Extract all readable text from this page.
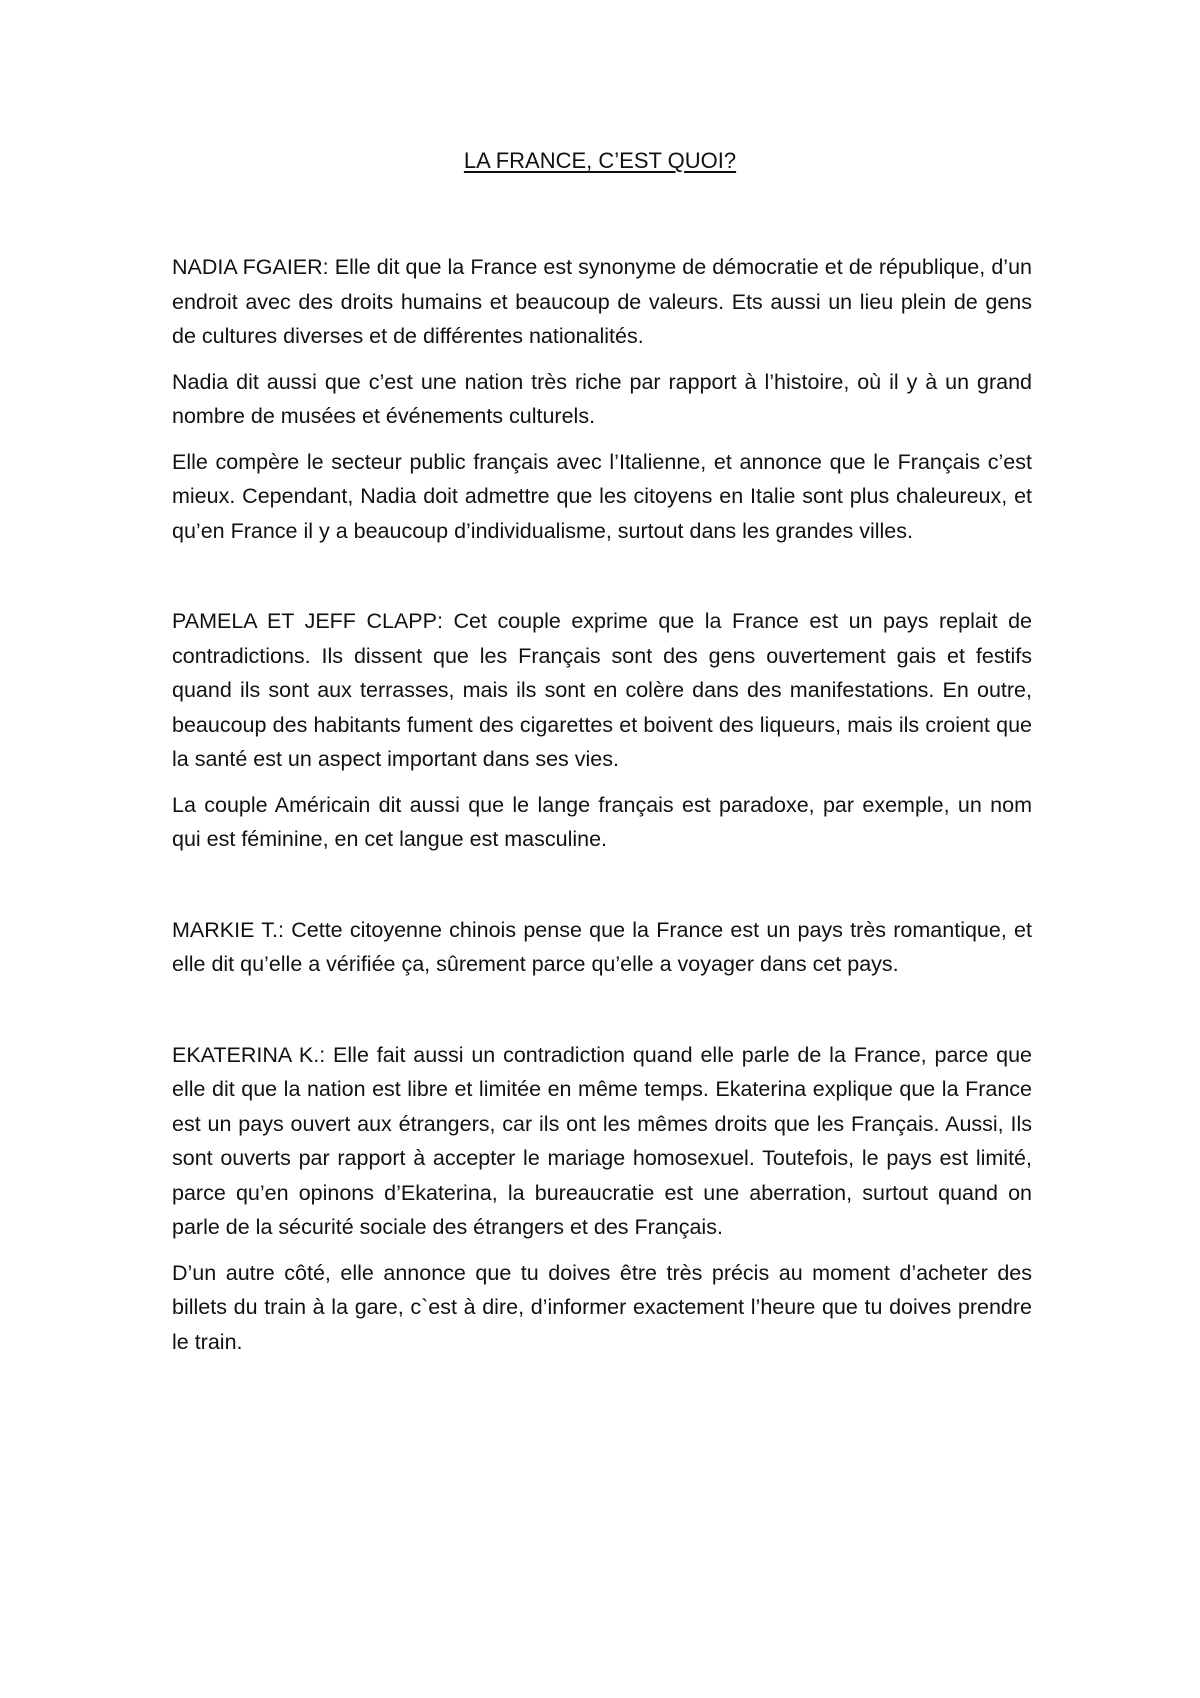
LA FRANCE, C’EST QUOI?

NADIA FGAIER: Elle dit que la France est synonyme de démocratie et de république, d’un endroit avec des droits humains et beaucoup de valeurs. Ets aussi un lieu plein de gens de cultures diverses et de différentes nationalités.

Nadia dit aussi que c’est une nation très riche par rapport à l’histoire, où il y à un grand nombre de musées et événements culturels.

Elle compère le secteur public français avec l’Italienne, et annonce que le Français c’est mieux. Cependant, Nadia doit admettre que les citoyens en Italie sont plus chaleureux, et qu’en France il y a beaucoup d’individualisme, surtout dans les grandes villes.

PAMELA ET JEFF CLAPP: Cet couple exprime que la France est un pays replait de contradictions. Ils dissent que les Français sont des gens ouvertement gais et festifs quand ils sont aux terrasses, mais ils sont en colère dans des manifestations. En outre, beaucoup des habitants fument des cigarettes et boivent des liqueurs, mais ils croient que la santé est un aspect important dans ses vies.

La couple Américain dit aussi que le lange français est paradoxe, par exemple, un nom qui est féminine, en cet langue est masculine.

MARKIE T.: Cette citoyenne chinois pense que la France est un pays très romantique, et elle dit qu’elle a vérifiée ça, sûrement parce qu’elle a voyager dans cet pays.

EKATERINA K.: Elle fait aussi un contradiction quand elle parle de la France, parce que elle dit que la nation est libre et limitée en même temps. Ekaterina explique que la France est un pays ouvert aux étrangers, car ils ont les mêmes droits que les Français. Aussi, Ils sont ouverts par rapport à accepter le mariage homosexuel. Toutefois, le pays est limité, parce qu’en opinons d’Ekaterina, la bureaucratie est une aberration, surtout quand on parle de la sécurité sociale des étrangers et des Français.

D’un autre côté, elle annonce que tu doives être très précis au moment d’acheter des billets du train à la gare, c`est à dire, d’informer exactement l’heure que tu doives prendre le train.
